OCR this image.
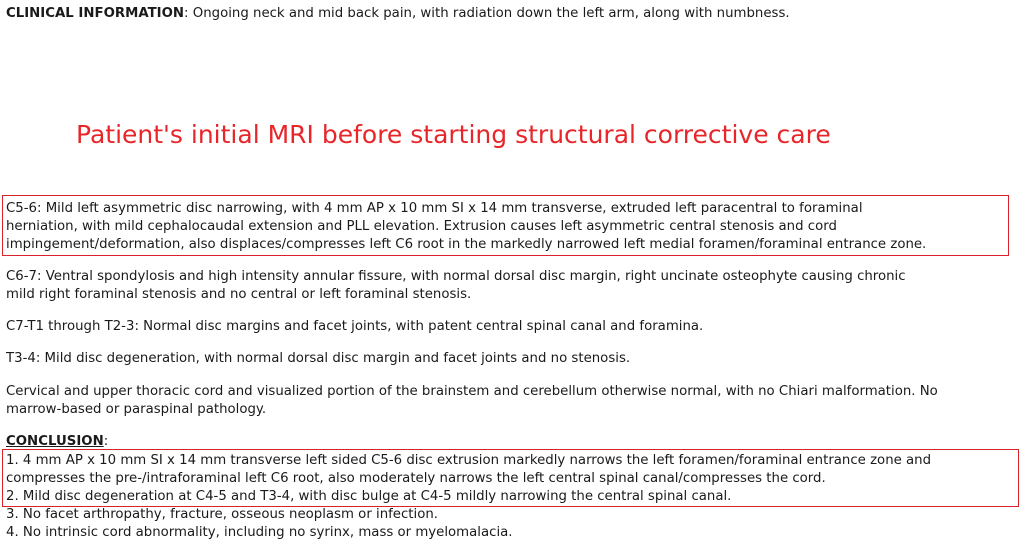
CLINICAL INFORMATION: Ongoing neck and mid back pain, with radiation down the left arm, along with numbness.
Patient's initial MRI before starting structural corrective care
C5-6: Mild left asymmetric disc narrowing, with 4 mm AP x 10 mm SI x 14 mm transverse, extruded left paracentral to foraminal
herniation, with mild cephalocaudal extension and PLL elevation. Extrusion causes left asymmetric central stenosis and cord
impingement/deformation, also displaces/compresses left C6 root in the markedly narrowed left medial foramen/foraminal entrance zone.
C6-7: Ventral spondylosis and high intensity annular fissure, with normal dorsal disc margin, right uncinate osteophyte causing chronic
mild right foraminal stenosis and no central or left foraminal stenosis.
C7-T1 through T2-3: Normal disc margins and facet joints, with patent central spinal canal and foramina.
T3-4: Mild disc degeneration, with normal dorsal disc margin and facet joints and no stenosis.
Cervical and upper thoracic cord and visualized portion of the brainstem and cerebellum otherwise normal, with no Chiari malformation. No
marrow-based or paraspinal pathology.
CONCLUSION:
1. 4 mm AP x 10 mm SI x 14 mm transverse left sided C5-6 disc extrusion markedly narrows the left foramen/foraminal entrance zone and
compresses the pre-/intraforaminal left C6 root, also moderately narrows the left central spinal canal/compresses the cord.
2. Mild disc degeneration at C4-5 and T3-4, with disc bulge at C4-5 mildly narrowing the central spinal canal.
3. No facet arthropathy, fracture, osseous neoplasm or infection.
4. No intrinsic cord abnormality, including no syrinx, mass or myelomalacia.
